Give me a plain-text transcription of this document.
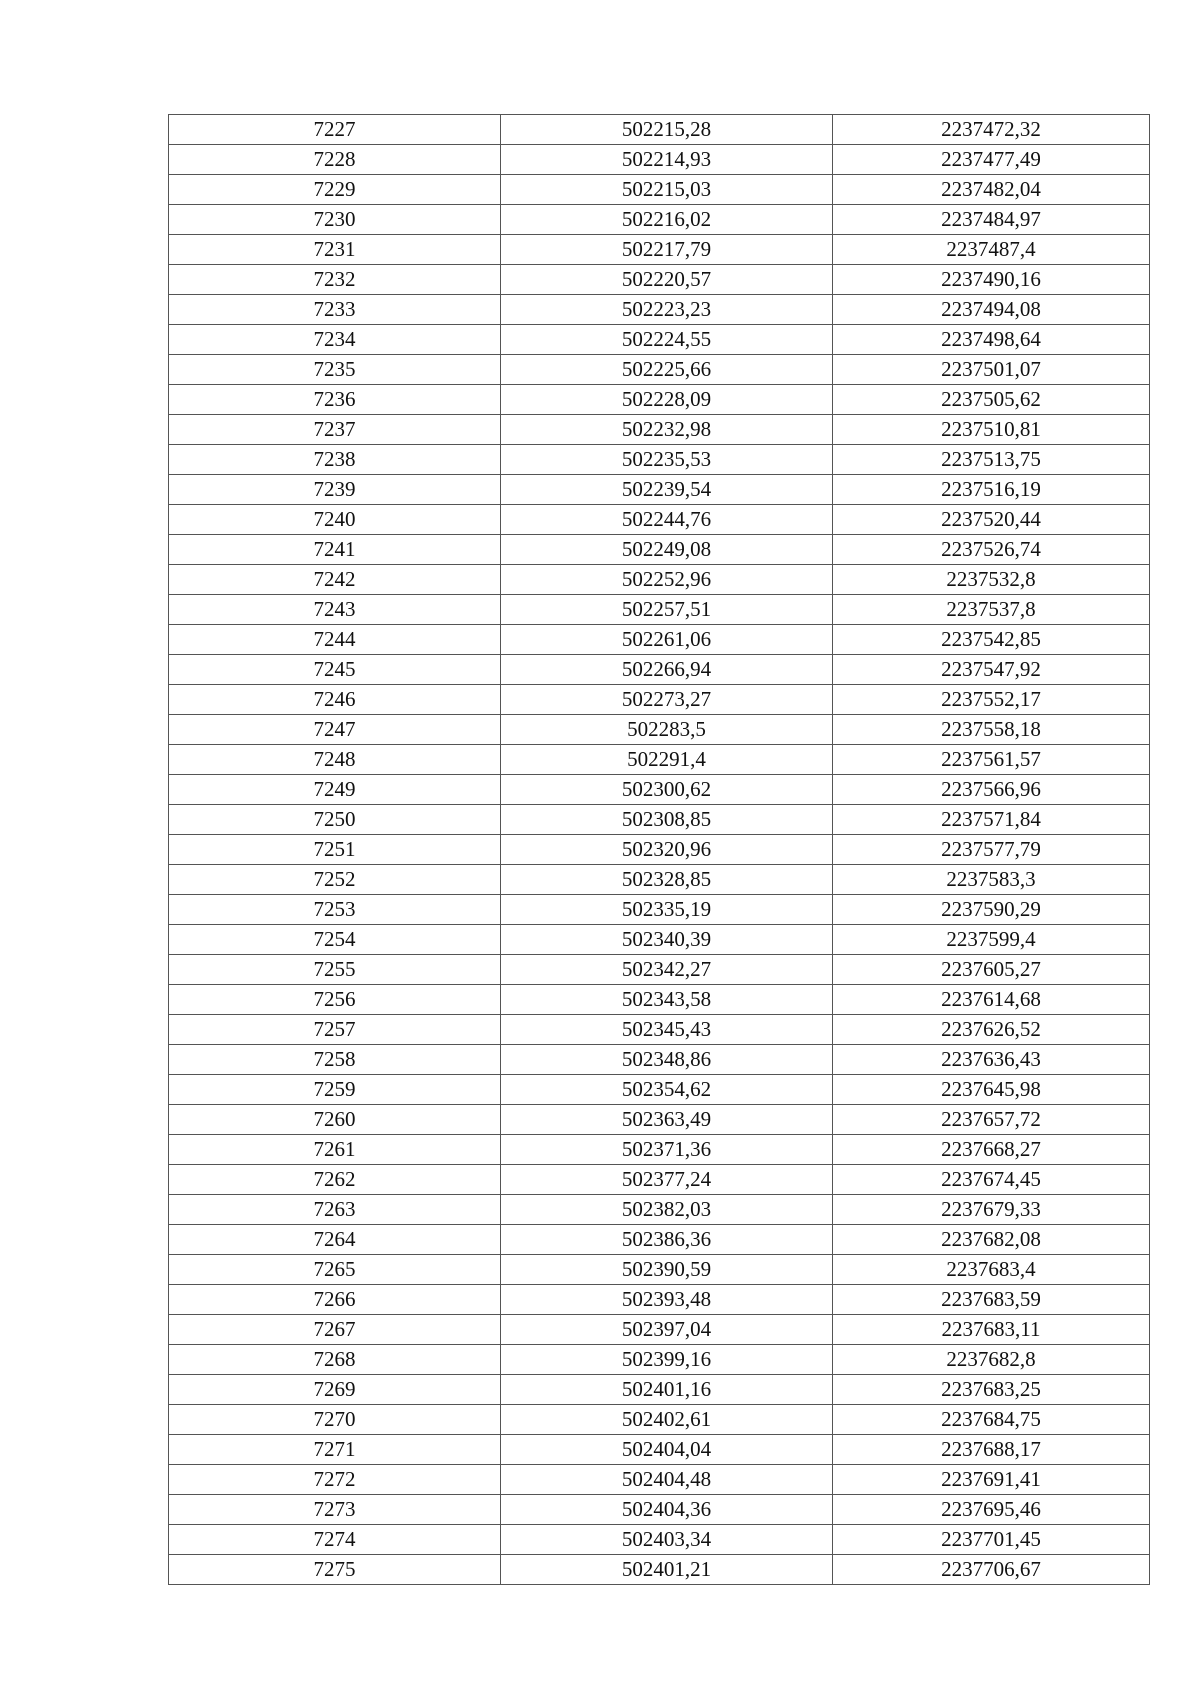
7227	502215,28	2237472,32
7228	502214,93	2237477,49
7229	502215,03	2237482,04
7230	502216,02	2237484,97
7231	502217,79	2237487,4
7232	502220,57	2237490,16
7233	502223,23	2237494,08
7234	502224,55	2237498,64
7235	502225,66	2237501,07
7236	502228,09	2237505,62
7237	502232,98	2237510,81
7238	502235,53	2237513,75
7239	502239,54	2237516,19
7240	502244,76	2237520,44
7241	502249,08	2237526,74
7242	502252,96	2237532,8
7243	502257,51	2237537,8
7244	502261,06	2237542,85
7245	502266,94	2237547,92
7246	502273,27	2237552,17
7247	502283,5	2237558,18
7248	502291,4	2237561,57
7249	502300,62	2237566,96
7250	502308,85	2237571,84
7251	502320,96	2237577,79
7252	502328,85	2237583,3
7253	502335,19	2237590,29
7254	502340,39	2237599,4
7255	502342,27	2237605,27
7256	502343,58	2237614,68
7257	502345,43	2237626,52
7258	502348,86	2237636,43
7259	502354,62	2237645,98
7260	502363,49	2237657,72
7261	502371,36	2237668,27
7262	502377,24	2237674,45
7263	502382,03	2237679,33
7264	502386,36	2237682,08
7265	502390,59	2237683,4
7266	502393,48	2237683,59
7267	502397,04	2237683,11
7268	502399,16	2237682,8
7269	502401,16	2237683,25
7270	502402,61	2237684,75
7271	502404,04	2237688,17
7272	502404,48	2237691,41
7273	502404,36	2237695,46
7274	502403,34	2237701,45
7275	502401,21	2237706,67
